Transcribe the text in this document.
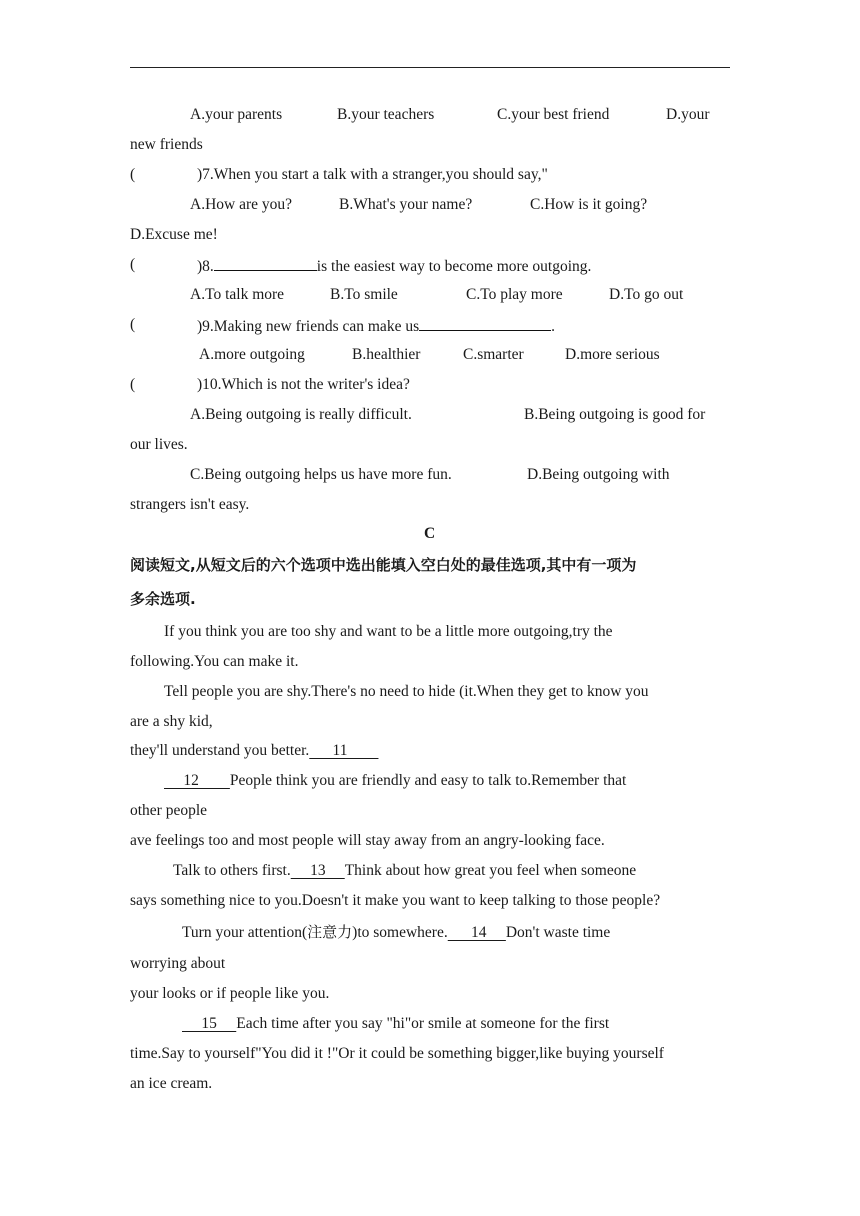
A.your parents	B.your teachers	C.your best friend	D.your
new friends
(	)7.When you start a talk with a stranger,you should say,"
A.How are you?	B.What's your name?	C.How is it going?
D.Excuse me!
(	)8.	is the easiest way to become more outgoing.
A.To talk more	B.To smile	C.To play more	D.To go out
(	)9.Making new friends can make us	.
A.more outgoing	B.healthier	C.smarter	D.more serious
(	)10.Which is not the writer's idea?
A.Being outgoing is really difficult.	B.Being outgoing is good for
our lives.
C.Being outgoing helps us have more fun.	D.Being outgoing with
strangers isn't easy.
C
阅读短文,从短文后的六个选项中选出能填入空白处的最佳选项,其中有一项为
多余选项.
If you think you are too shy and want to be a little more outgoing,try the
following.You can make it.
Tell people you are shy.There's no need to hide (it.When they get to know you
are a shy kid,
they'll understand you better.      11
12        People think you are friendly and easy to talk to.Remember that
other people
ave feelings too and most people will stay away from an angry-looking face.
Talk to others first.     13     Think about how great you feel when someone
says something nice to you.Doesn't it make you want to keep talking to those people?
Turn your attention(注意力)to somewhere.      14     Don't waste time
worrying about
your looks or if people like you.
15     Each time after you say "hi"or smile at someone for the first
time.Say to yourself"You did it !"Or it could be something bigger,like buying yourself
an ice cream.
